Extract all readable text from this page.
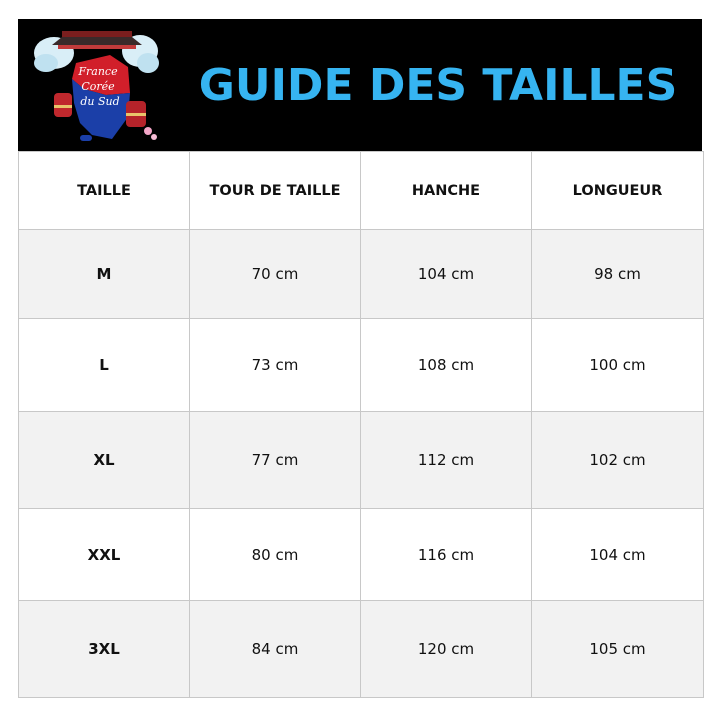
France
Corée
du Sud GUIDE DES TAILLES
TAILLE	TOUR DE TAILLE	HANCHE	LONGUEUR
M	70 cm	104 cm	98 cm
L	73 cm	108 cm	100 cm
XL	77 cm	112 cm	102 cm
XXL	80 cm	116 cm	104 cm
3XL	84 cm	120 cm	105 cm
